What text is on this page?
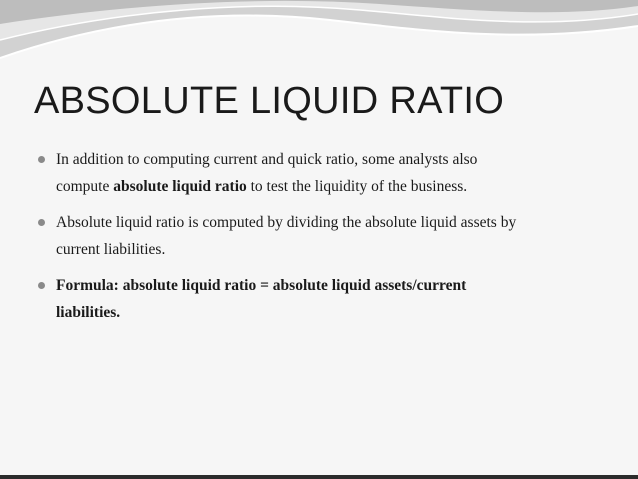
ABSOLUTE LIQUID RATIO
In addition to computing current and quick ratio, some analysts also
compute absolute liquid ratio to test the liquidity of the business.
Absolute liquid ratio is computed by dividing the absolute liquid assets by
current liabilities.
Formula: absolute liquid ratio = absolute liquid assets/current
liabilities.
